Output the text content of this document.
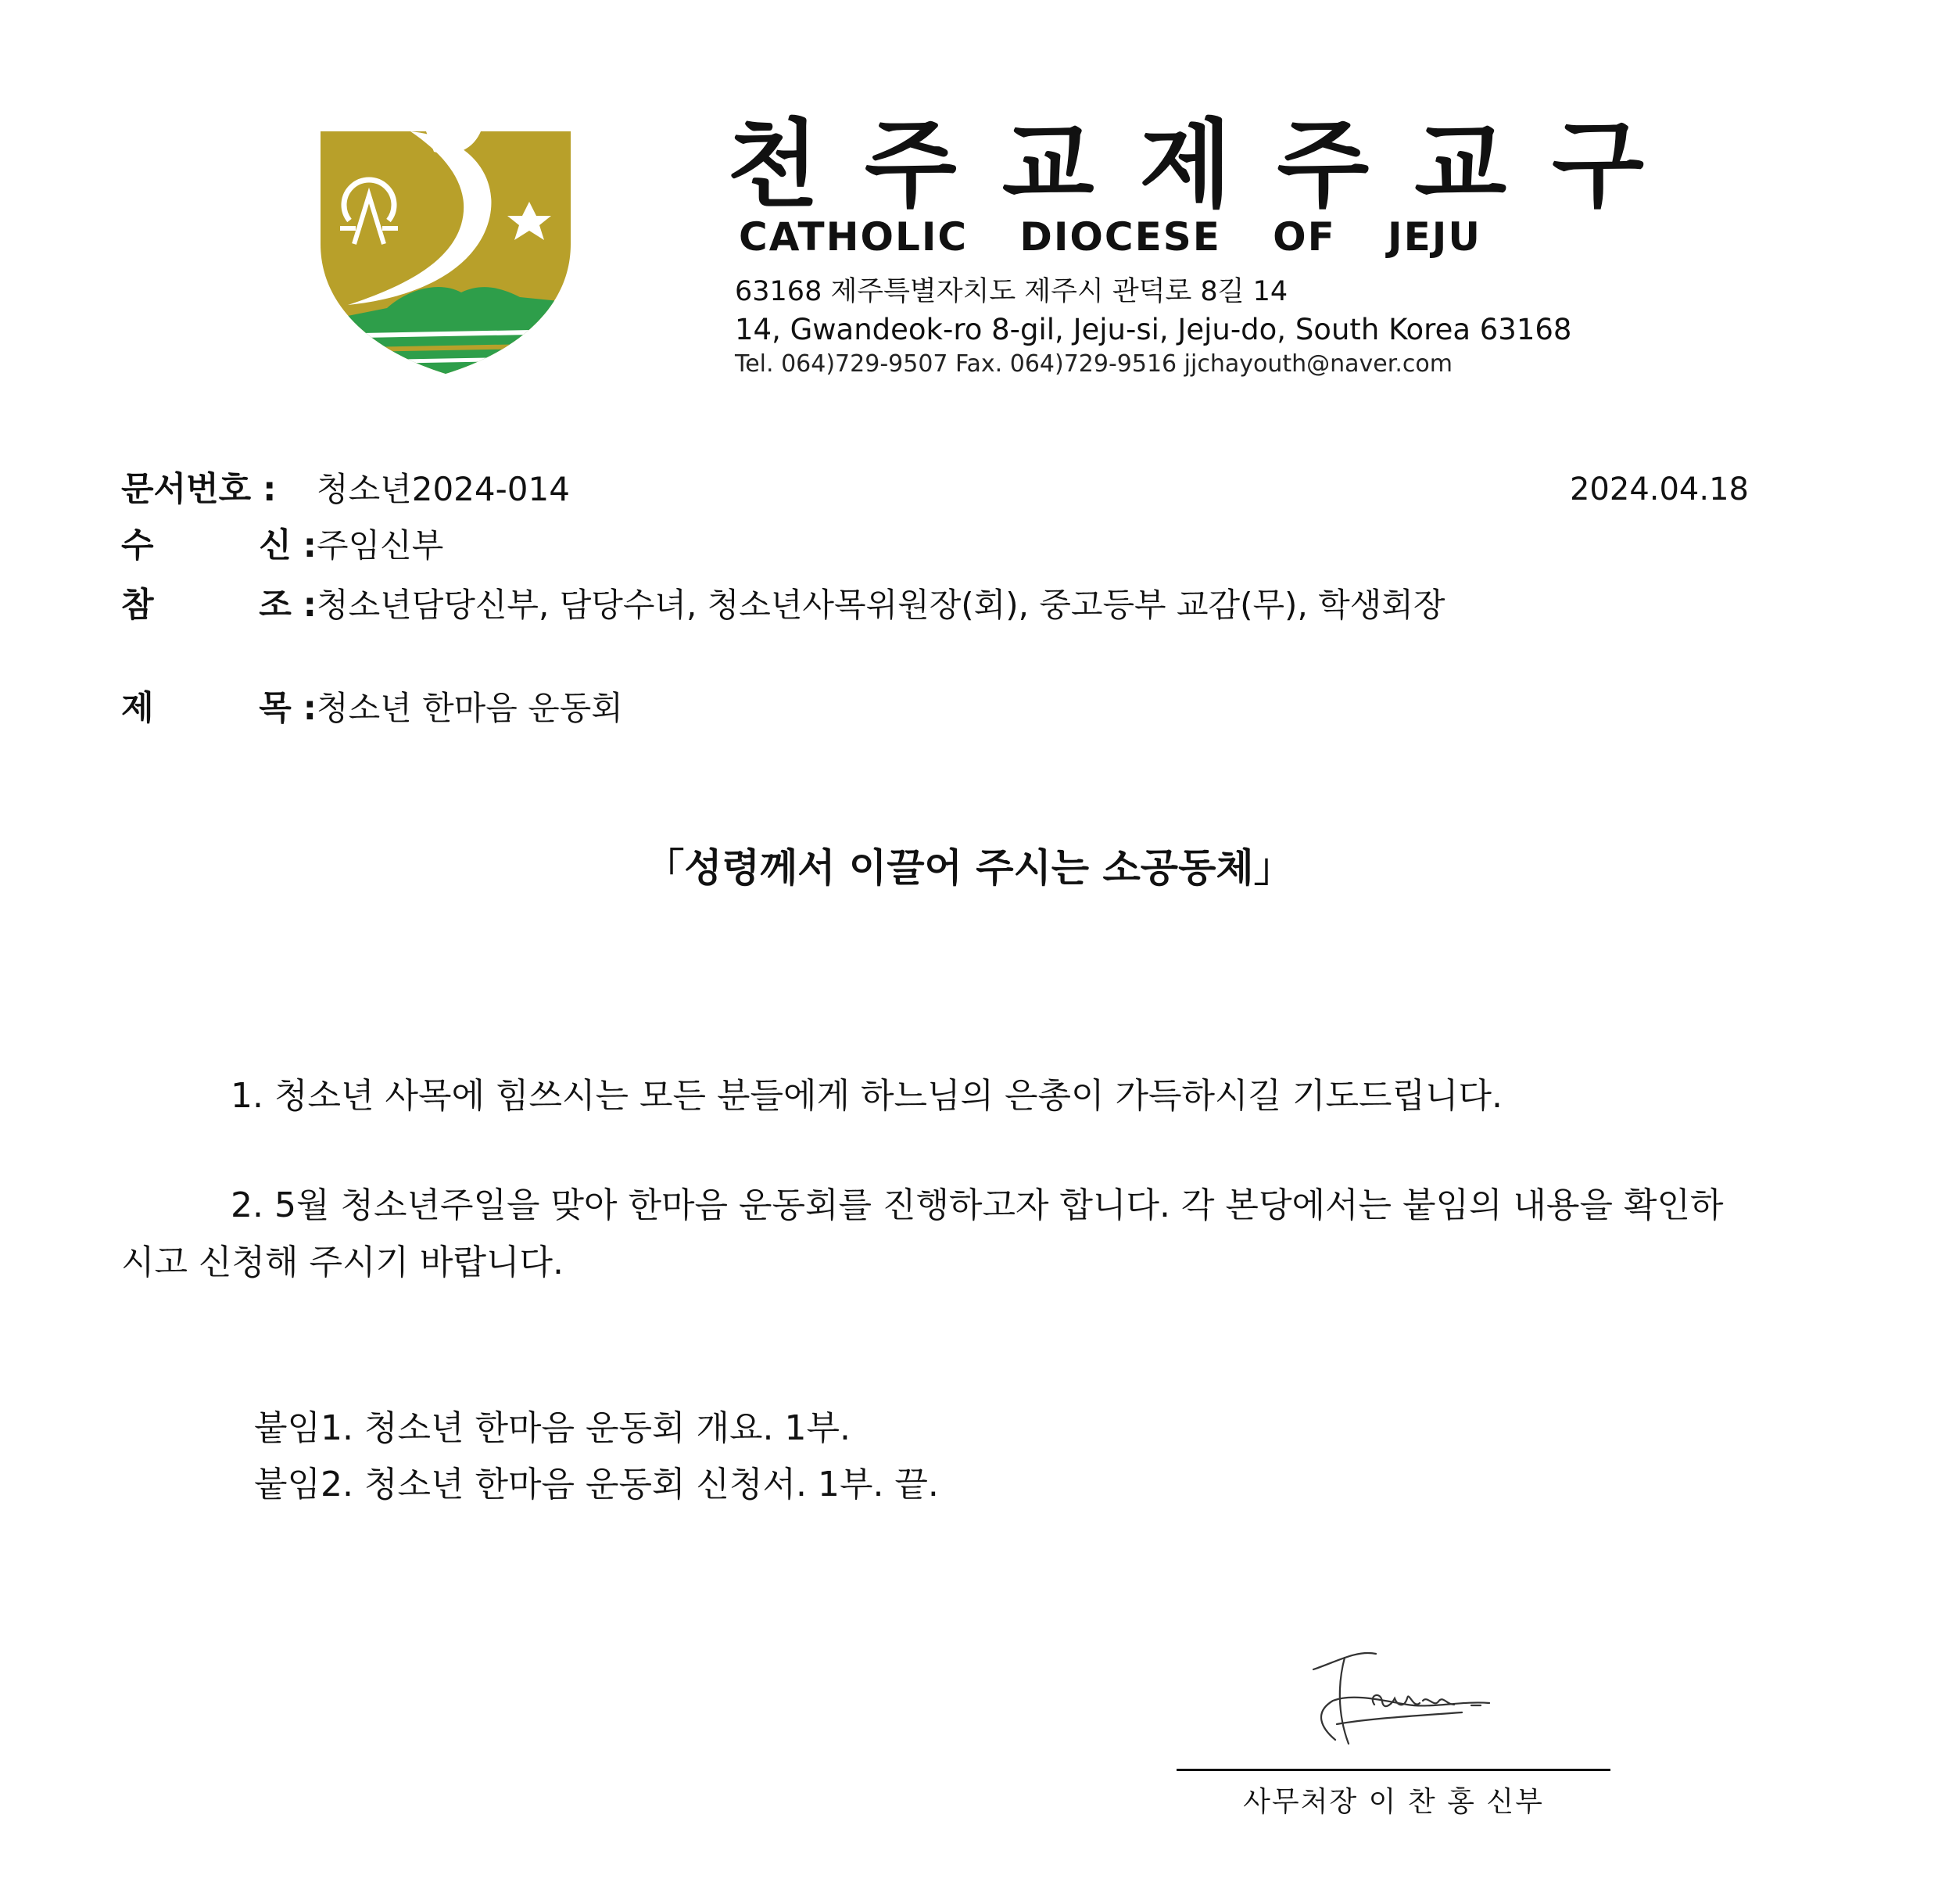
천주교제주교구
CATHOLIC DIOCESE OF JEJU
63168 제주특별자치도 제주시 관덕로 8길 14
14, Gwandeok-ro 8-gil, Jeju-si, Jeju-do, South Korea 63168
Tel. 064)729-9507 Fax. 064)729-9516 jjchayouth@naver.com
문서번호 : 청소년2024-014	2024.04.18
수	신 : 주임신부
참	조 : 청소년담당신부, 담당수녀, 청소년사목위원장(회), 중고등부 교감(무), 학생회장
제	목 : 청소년 한마음 운동회
「성령께서 이끌어 주시는 소공동체」
1. 청소년 사목에 힘쓰시는 모든 분들에게 하느님의 은총이 가득하시길 기도드립니다.
2. 5월 청소년주일을 맞아 한마음 운동회를 진행하고자 합니다. 각 본당에서는 붙임의 내용을 확인하시고 신청해 주시기 바랍니다.
붙임1. 청소년 한마음 운동회 개요. 1부.
붙임2. 청소년 한마음 운동회 신청서. 1부. 끝.
사무처장 이 찬 홍 신부
